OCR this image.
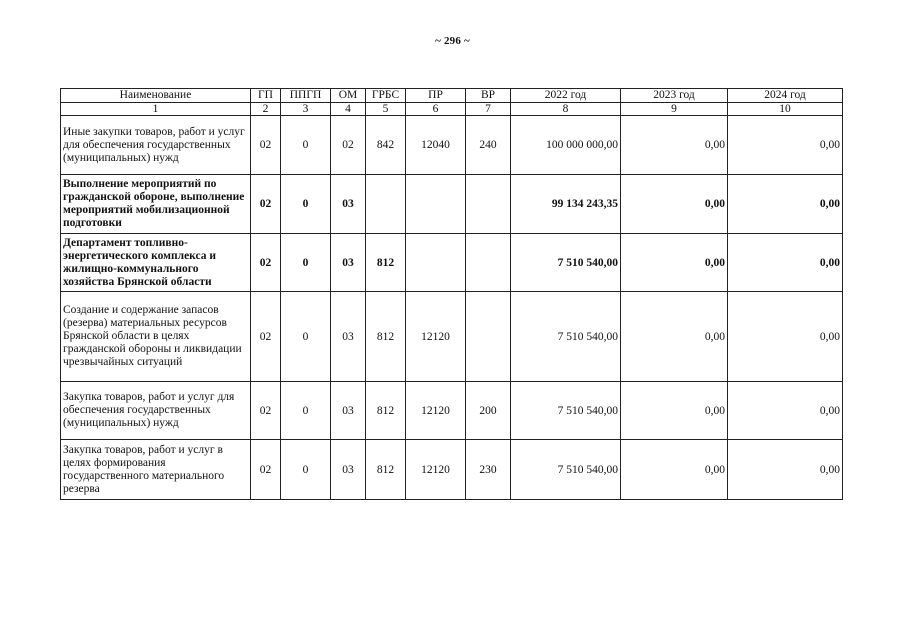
~ 296 ~
Наименование	ГП	ППГП	ОМ	ГРБС	ПР	ВР	2022 год	2023 год	2024 год
1	2	3	4	5	6	7	8	9	10
Иные закупки товаров, работ и услуг для обеспечения государственных (муниципальных) нужд	02	0	02	842	12040	240	100 000 000,00	0,00	0,00
Выполнение мероприятий по гражданской обороне, выполнение мероприятий мобилизационной подготовки	02	0	03				99 134 243,35	0,00	0,00
Департамент топливно-энергетического комплекса и жилищно-коммунального хозяйства Брянской области	02	0	03	812			7 510 540,00	0,00	0,00
Создание и содержание запасов (резерва) материальных ресурсов Брянской области в целях гражданской обороны и ликвидации чрезвычайных ситуаций	02	0	03	812	12120		7 510 540,00	0,00	0,00
Закупка товаров, работ и услуг для обеспечения государственных (муниципальных) нужд	02	0	03	812	12120	200	7 510 540,00	0,00	0,00
Закупка товаров, работ и услуг в целях формирования государственного материального резерва	02	0	03	812	12120	230	7 510 540,00	0,00	0,00
